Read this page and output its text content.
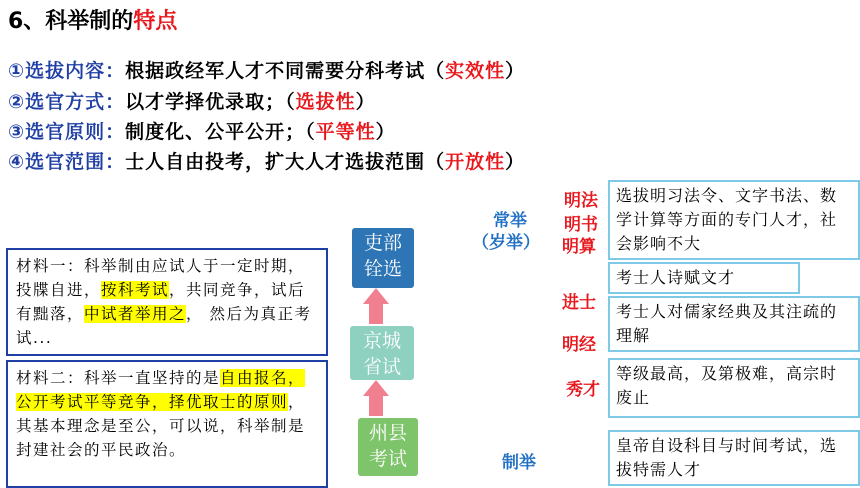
6、科举制的特点
①选拔内容：根据政经军人才不同需要分科考试（实效性）
②选官方式：以才学择优录取；（选拔性）
③选官原则：制度化、公平公开；（平等性）
④选官范围：士人自由投考，扩大人才选拔范围（开放性）
材料一：科举制由应试人于一定时期，投牒自进，按科考试，共同竞争，试后有黜落，中试者举用之， 然后为真正考试...
材料二：科举一直坚持的是自由报名，公开考试平等竞争，择优取士的原则，其基本理念是至公，可以说，科举制是封建社会的平民政治。
吏部
铨选
京城
省试
州县
考试
常举
（岁举）
制举
明法
明书
明算
进士
明经
秀才
选拔明习法令、文字书法、数学计算等方面的专门人才，社会影响不大
考士人诗赋文才
考士人对儒家经典及其注疏的理解
等级最高，及第极难，高宗时废止
皇帝自设科目与时间考试，选拔特需人才
